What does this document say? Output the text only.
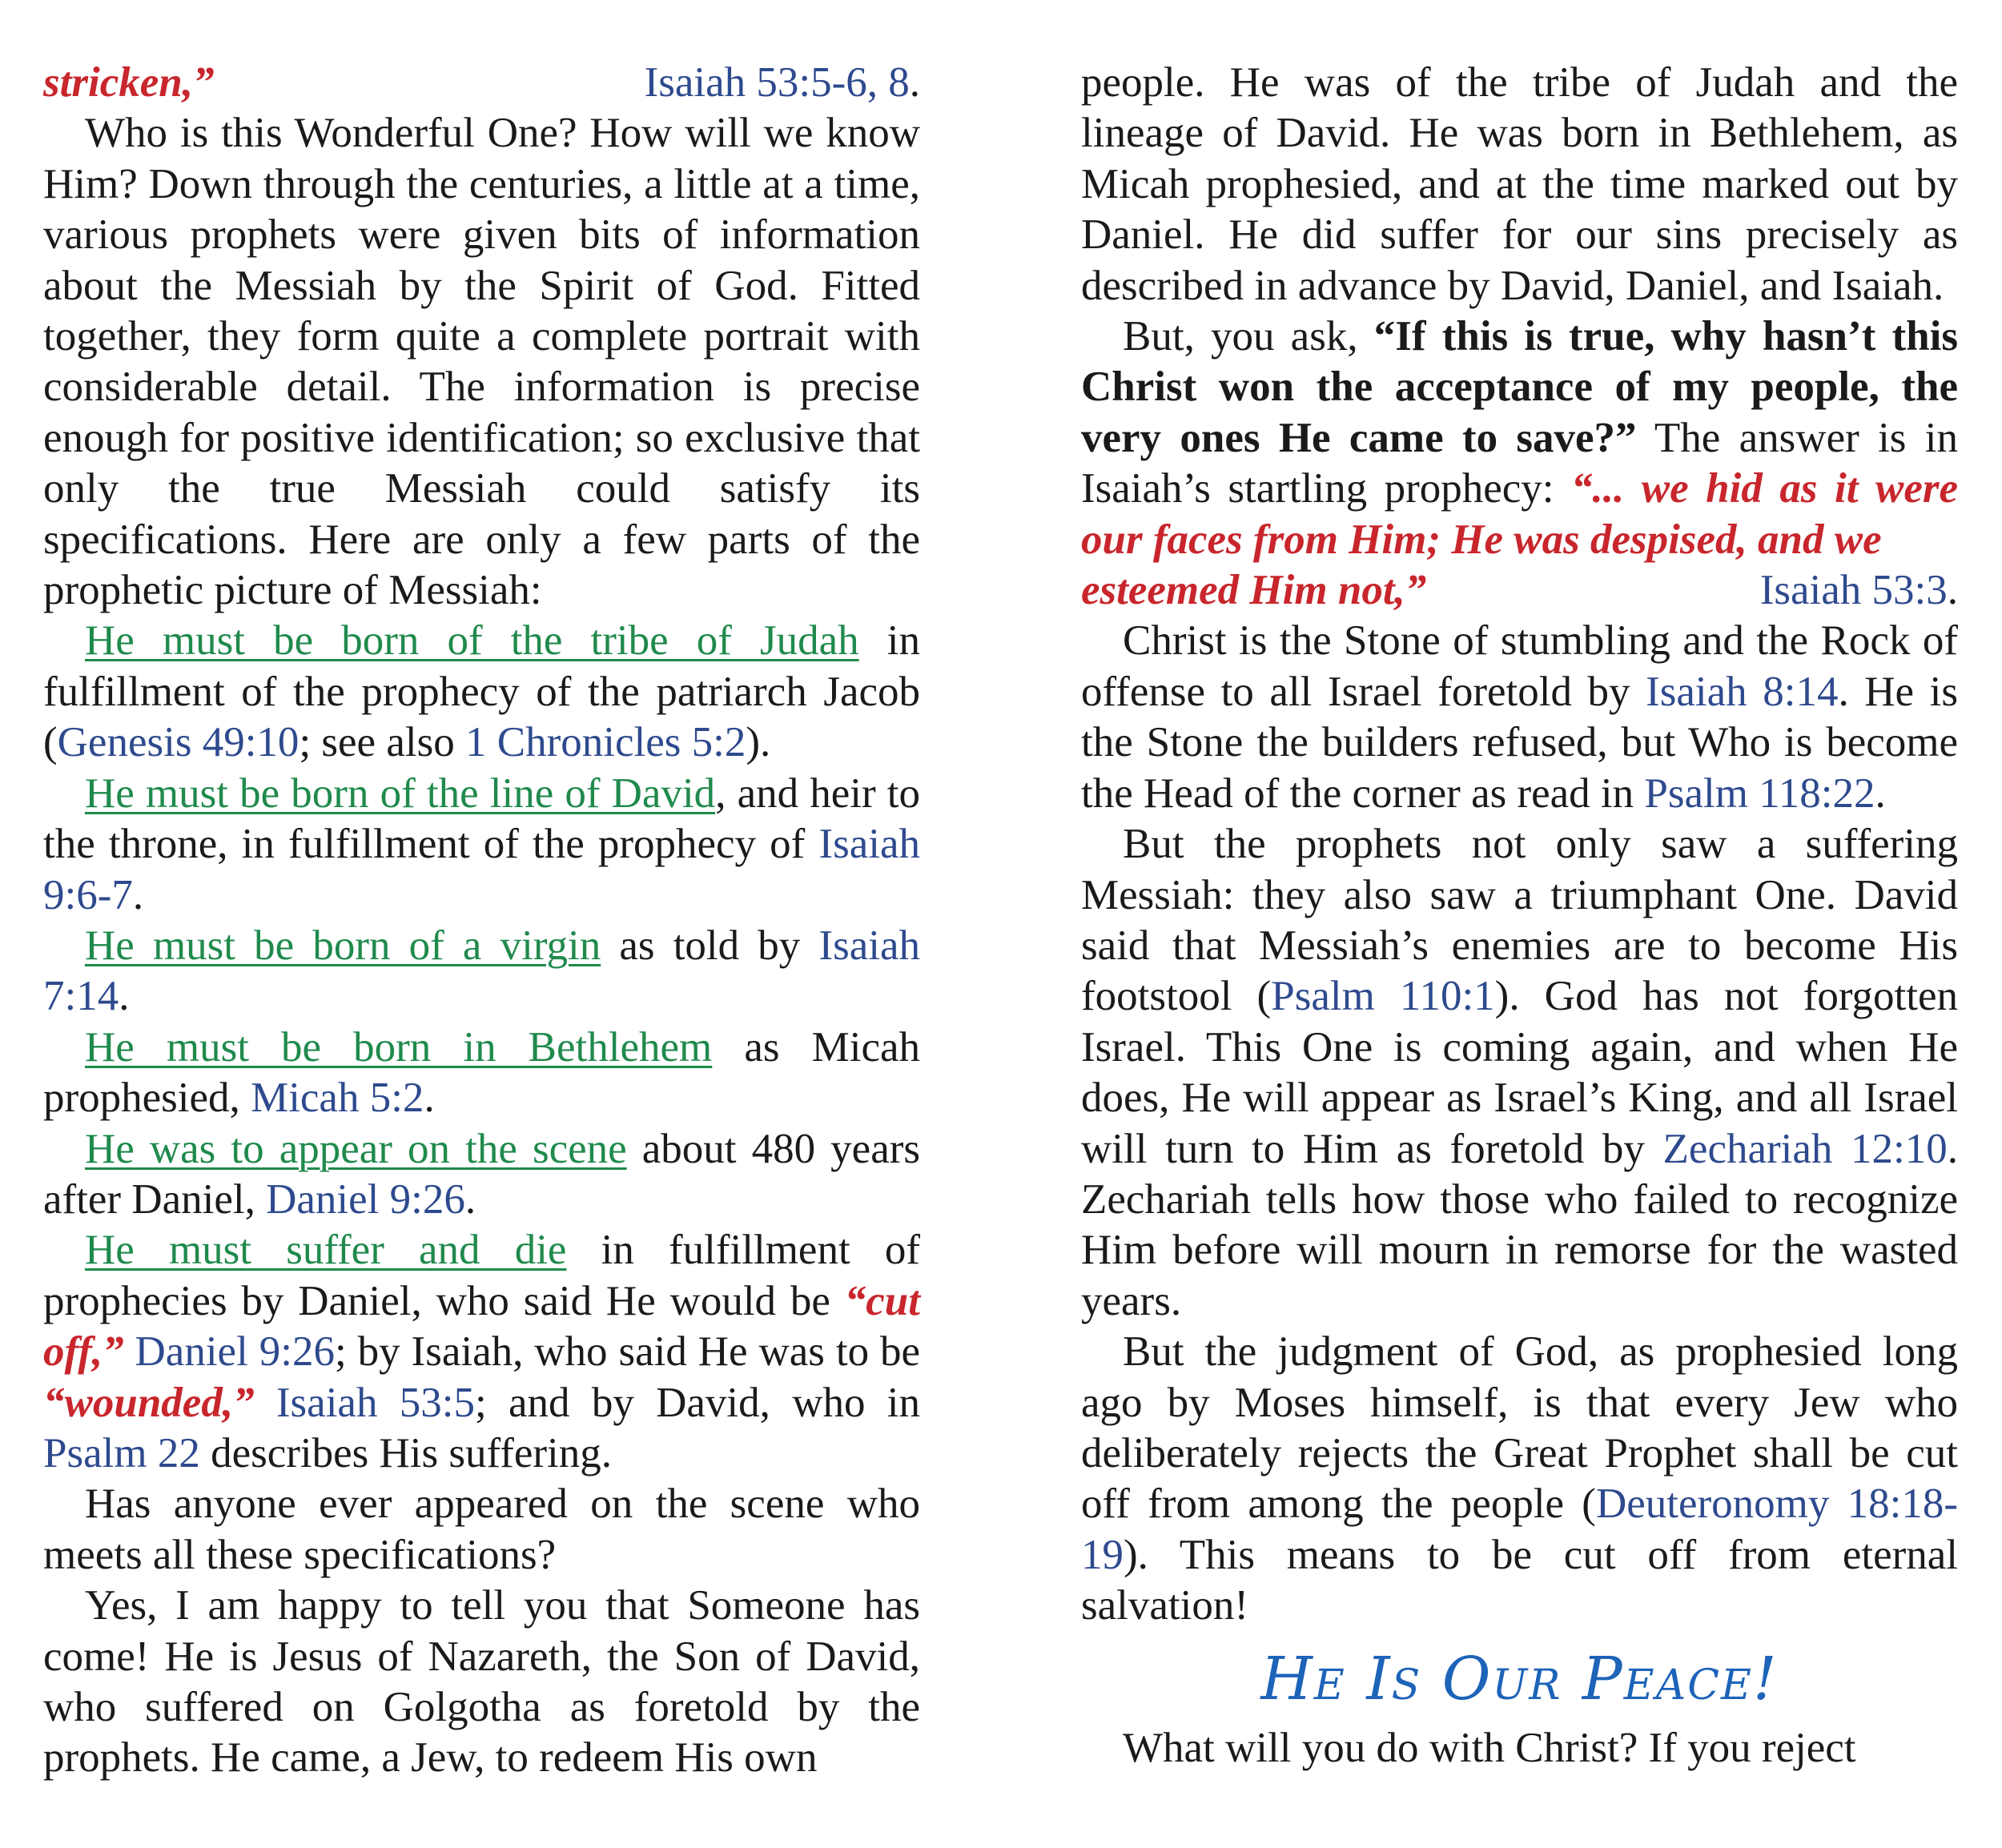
stricken,”	Isaiah 53:5-6, 8.

Who is this Wonderful One? How will we know Him? Down through the centuries, a little at a time, various prophets were given bits of information about the Messiah by the Spirit of God. Fitted together, they form quite a complete portrait with considerable detail. The information is precise enough for positive identification; so exclusive that only the true Messiah could satisfy its specifications. Here are only a few parts of the prophetic picture of Messiah:

He must be born of the tribe of Judah in fulfillment of the prophecy of the patriarch Jacob (Genesis 49:10; see also 1 Chronicles 5:2).

He must be born of the line of David, and heir to the throne, in fulfillment of the prophecy of Isaiah 9:6-7.

He must be born of a virgin as told by Isaiah 7:14.

He must be born in Bethlehem as Micah prophesied, Micah 5:2.

He was to appear on the scene about 480 years after Daniel, Daniel 9:26.

He must suffer and die in fulfillment of prophecies by Daniel, who said He would be “cut off,” Daniel 9:26; by Isaiah, who said He was to be “wounded,” Isaiah 53:5; and by David, who in Psalm 22 describes His suffering.

Has anyone ever appeared on the scene who meets all these specifications?

Yes, I am happy to tell you that Someone has come! He is Jesus of Nazareth, the Son of David, who suffered on Golgotha as foretold by the prophets. He came, a Jew, to redeem His own

people. He was of the tribe of Judah and the lineage of David. He was born in Bethlehem, as Micah prophesied, and at the time marked out by Daniel. He did suffer for our sins precisely as described in advance by David, Daniel, and Isaiah.

But, you ask, “If this is true, why hasn’t this Christ won the acceptance of my people, the very ones He came to save?” The answer is in Isaiah’s startling prophecy: “... we hid as it were our faces from Him; He was despised, and we

esteemed Him not,”	Isaiah 53:3.

Christ is the Stone of stumbling and the Rock of offense to all Israel foretold by Isaiah 8:14. He is the Stone the builders refused, but Who is become the Head of the corner as read in Psalm 118:22.

But the prophets not only saw a suffering Messiah: they also saw a triumphant One. David said that Messiah’s enemies are to become His footstool (Psalm 110:1). God has not forgotten Israel. This One is coming again, and when He does, He will appear as Israel’s King, and all Israel will turn to Him as foretold by Zechariah 12:10. Zechariah tells how those who failed to recognize Him before will mourn in remorse for the wasted years.

But the judgment of God, as prophesied long ago by Moses himself, is that every Jew who deliberately rejects the Great Prophet shall be cut off from among the people (Deuteronomy 18:18-19). This means to be cut off from eternal salvation!

He Is Our Peace!

What will you do with Christ? If you reject
